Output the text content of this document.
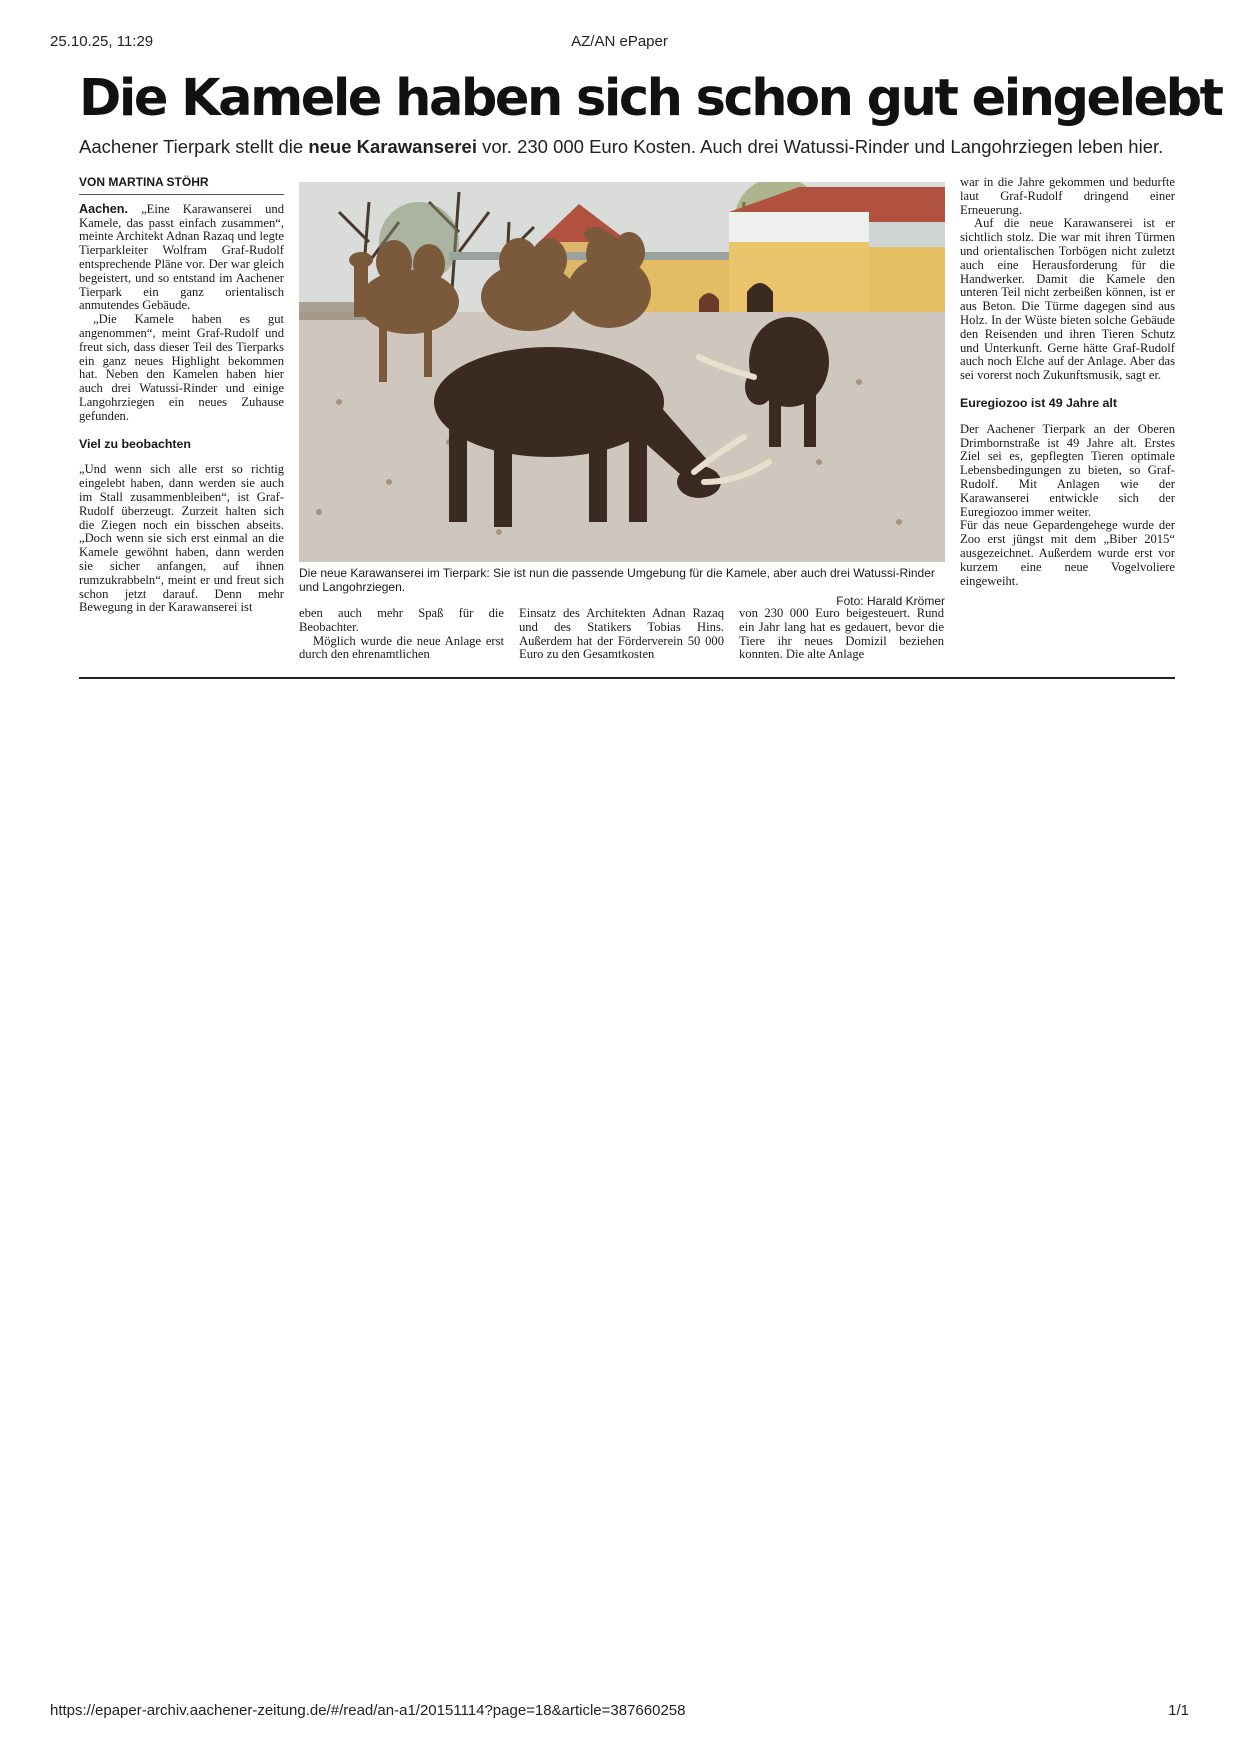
25.10.25, 11:29	AZ/AN ePaper
Die Kamele haben sich schon gut eingelebt
Aachener Tierpark stellt die neue Karawanserei vor. 230 000 Euro Kosten. Auch drei Watussi-Rinder und Langohrziegen leben hier.
VON MARTINA STÖHR

Aachen. „Eine Karawanserei und Kamele, das passt einfach zusammen“, meinte Architekt Adnan Razaq und legte Tierparkleiter Wolfram Graf-Rudolf entsprechende Pläne vor. Der war gleich begeistert, und so entstand im Aachener Tierpark ein ganz orientalisch anmutendes Gebäude.

„Die Kamele haben es gut angenommen“, meint Graf-Rudolf und freut sich, dass dieser Teil des Tierparks ein ganz neues Highlight bekommen hat. Neben den Kamelen haben hier auch drei Watussi-Rinder und einige Langohrziegen ein neues Zuhause gefunden.

Viel zu beobachten

„Und wenn sich alle erst so richtig eingelebt haben, dann werden sie auch im Stall zusammenbleiben“, ist Graf-Rudolf überzeugt. Zurzeit halten sich die Ziegen noch ein bisschen abseits. „Doch wenn sie sich erst einmal an die Kamele gewöhnt haben, dann werden sie sicher anfangen, auf ihnen rumzukrabbeln“, meint er und freut sich schon jetzt darauf. Denn mehr Bewegung in der Karawanserei ist

Die neue Karawanserei im Tierpark: Sie ist nun die passende Umgebung für die Kamele, aber auch drei Watussi-Rinder und Langohrziegen.
Foto: Harald Krömer

eben auch mehr Spaß für die Beobachter.

Möglich wurde die neue Anlage erst durch den ehrenamtlichen

Einsatz des Architekten Adnan Razaq und des Statikers Tobias Hins. Außerdem hat der Förderverein 50 000 Euro zu den Gesamtkosten

von 230 000 Euro beigesteuert. Rund ein Jahr lang hat es gedauert, bevor die Tiere ihr neues Domizil beziehen konnten. Die alte Anlage

war in die Jahre gekommen und bedurfte laut Graf-Rudolf dringend einer Erneuerung.

Auf die neue Karawanserei ist er sichtlich stolz. Die war mit ihren Türmen und orientalischen Torbögen nicht zuletzt auch eine Herausforderung für die Handwerker. Damit die Kamele den unteren Teil nicht zerbeißen können, ist er aus Beton. Die Türme dagegen sind aus Holz. In der Wüste bieten solche Gebäude den Reisenden und ihren Tieren Schutz und Unterkunft. Gerne hätte Graf-Rudolf auch noch Elche auf der Anlage. Aber das sei vorerst noch Zukunftsmusik, sagt er.

Euregiozoo ist 49 Jahre alt

Der Aachener Tierpark an der Oberen Drimbornstraße ist 49 Jahre alt. Erstes Ziel sei es, gepflegten Tieren optimale Lebensbedingungen zu bieten, so Graf-Rudolf. Mit Anlagen wie der Karawanserei entwickle sich der Euregiozoo immer weiter.

Für das neue Gepardengehege wurde der Zoo erst jüngst mit dem „Biber 2015“ ausgezeichnet. Außerdem wurde erst vor kurzem eine neue Vogelvoliere eingeweiht.

https://epaper-archiv.aachener-zeitung.de/#/read/an-a1/20151114?page=18&article=387660258	1/1
